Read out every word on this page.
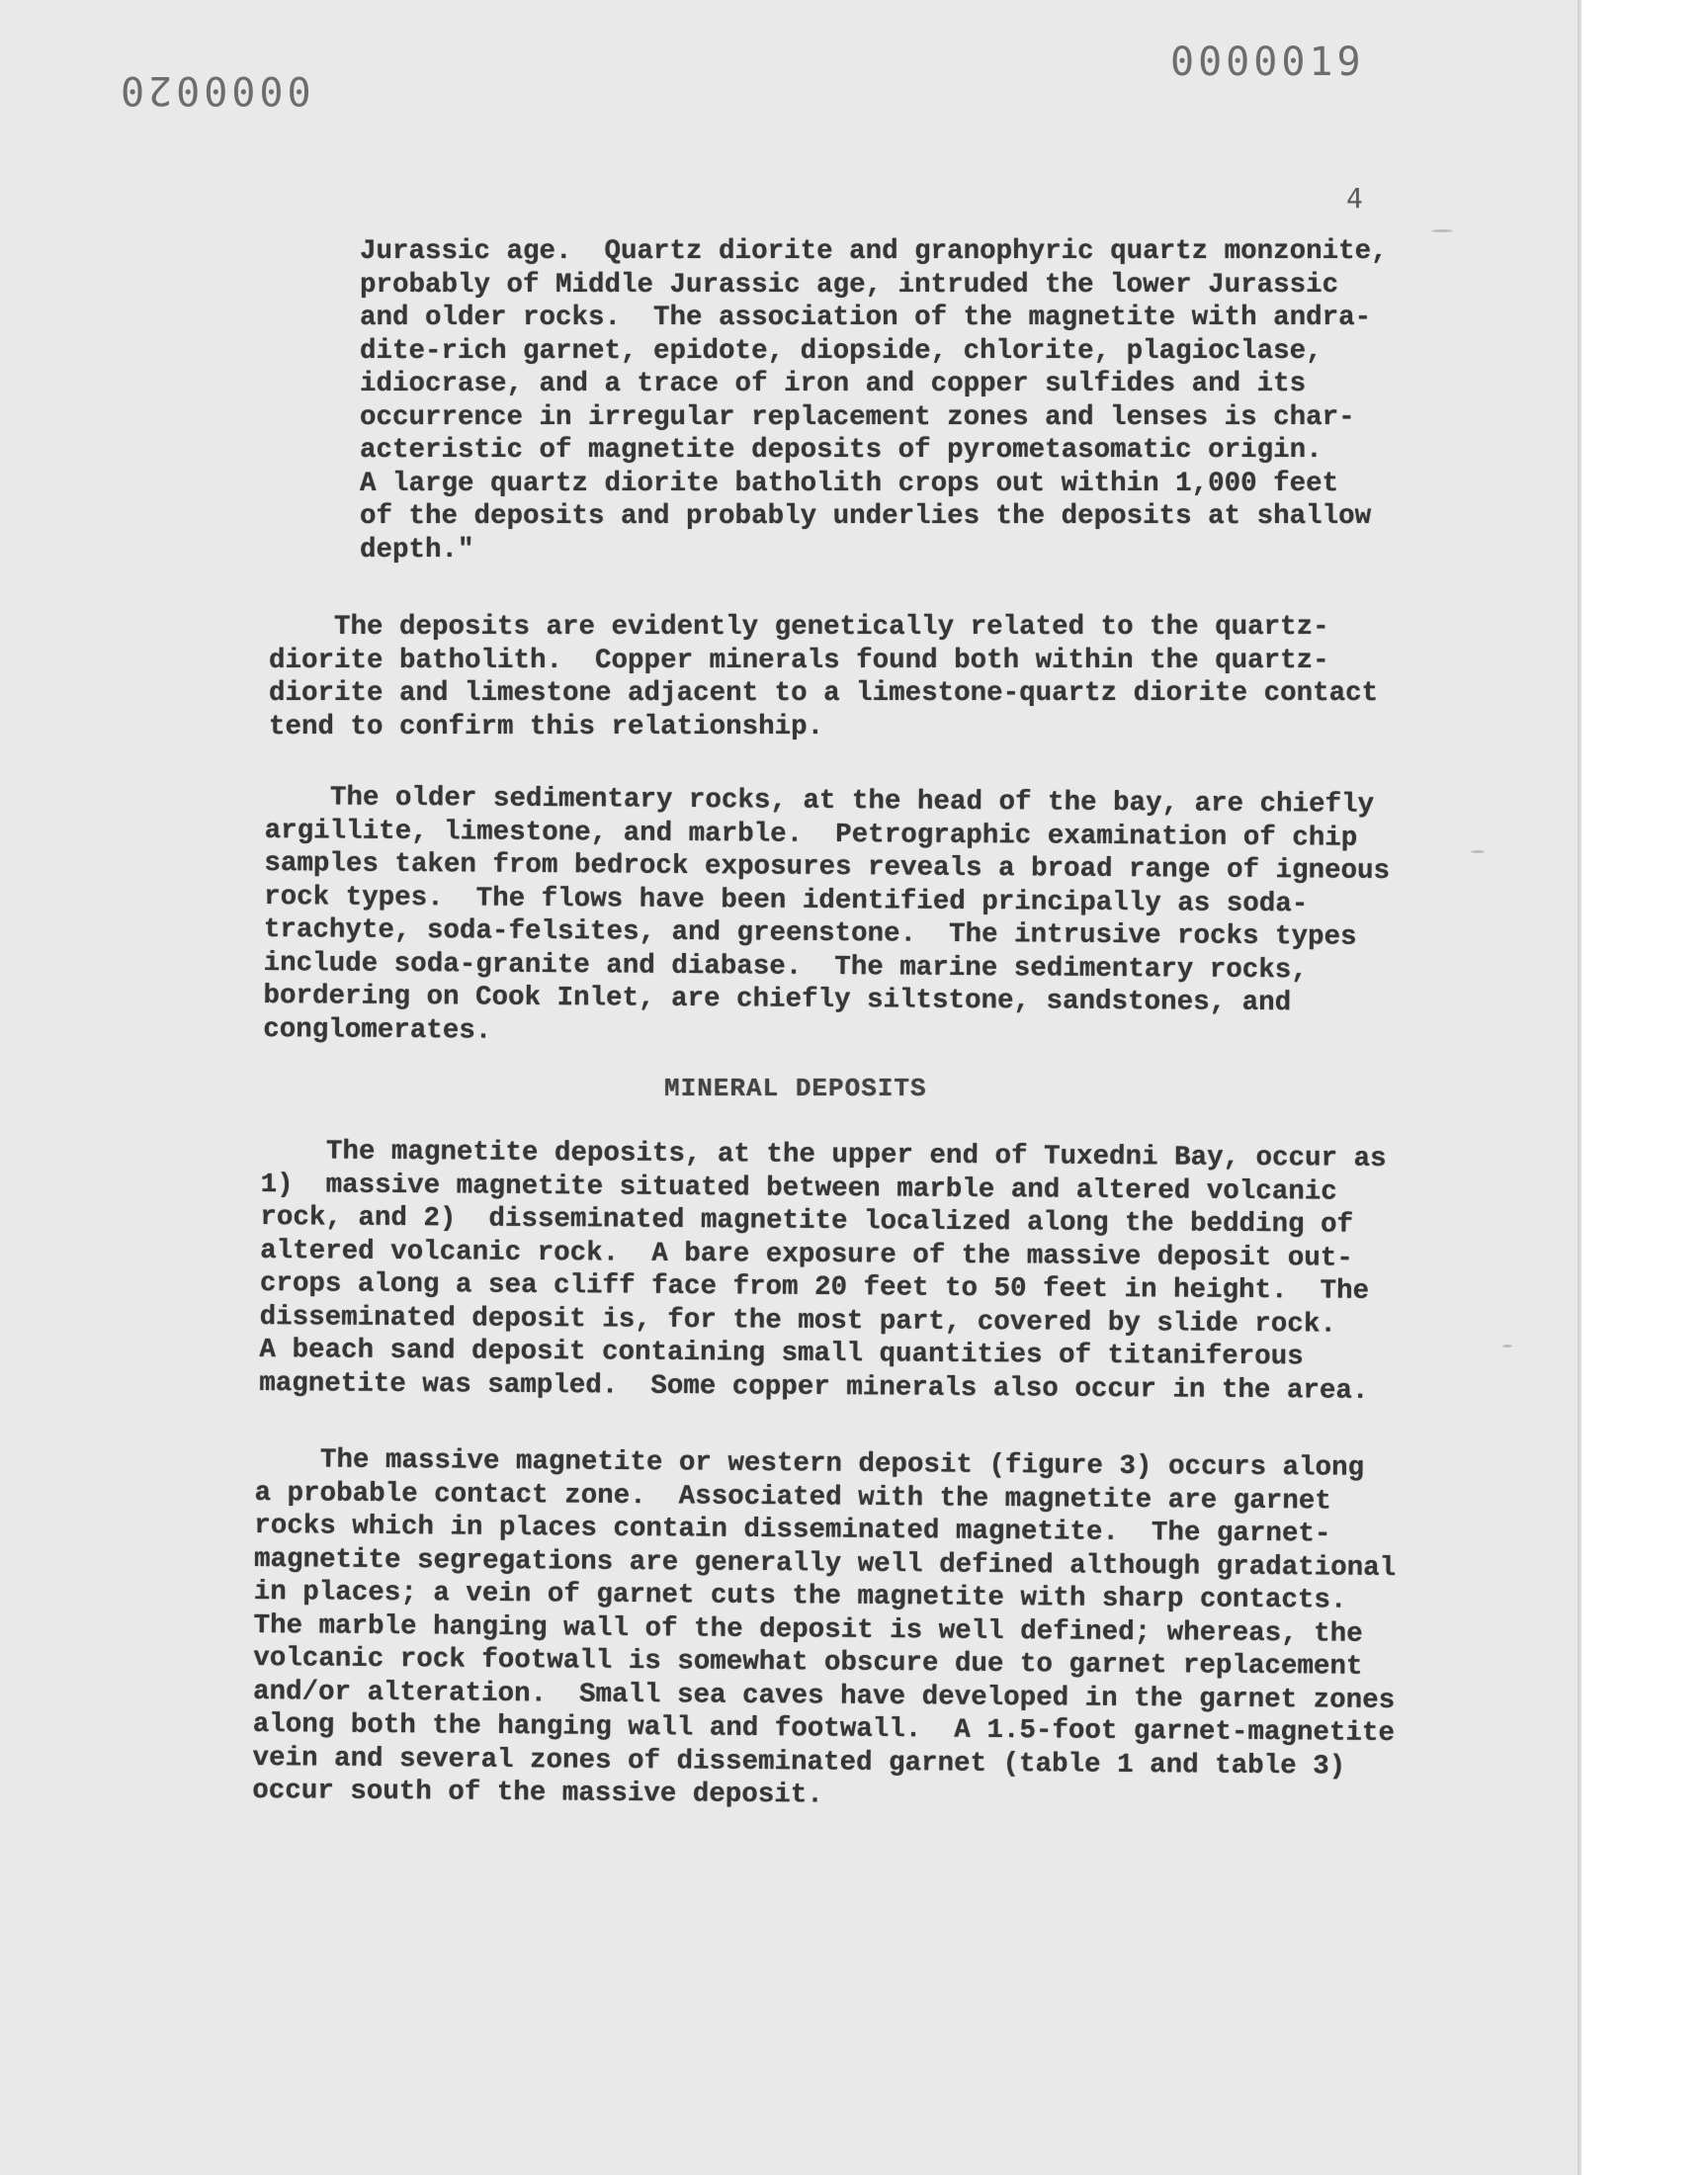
0000020
0000019
4
Jurassic age.  Quartz diorite and granophyric quartz monzonite,
probably of Middle Jurassic age, intruded the lower Jurassic
and older rocks.  The association of the magnetite with andra-
dite-rich garnet, epidote, diopside, chlorite, plagioclase,
idiocrase, and a trace of iron and copper sulfides and its
occurrence in irregular replacement zones and lenses is char-
acteristic of magnetite deposits of pyrometasomatic origin.
A large quartz diorite batholith crops out within 1,000 feet
of the deposits and probably underlies the deposits at shallow
depth."
The deposits are evidently genetically related to the quartz-
diorite batholith.  Copper minerals found both within the quartz-
diorite and limestone adjacent to a limestone-quartz diorite contact
tend to confirm this relationship.
The older sedimentary rocks, at the head of the bay, are chiefly
argillite, limestone, and marble.  Petrographic examination of chip
samples taken from bedrock exposures reveals a broad range of igneous
rock types.  The flows have been identified principally as soda-
trachyte, soda-felsites, and greenstone.  The intrusive rocks types
include soda-granite and diabase.  The marine sedimentary rocks,
bordering on Cook Inlet, are chiefly siltstone, sandstones, and
conglomerates.
MINERAL DEPOSITS
The magnetite deposits, at the upper end of Tuxedni Bay, occur as
1)  massive magnetite situated between marble and altered volcanic
rock, and 2)  disseminated magnetite localized along the bedding of
altered volcanic rock.  A bare exposure of the massive deposit out-
crops along a sea cliff face from 20 feet to 50 feet in height.  The
disseminated deposit is, for the most part, covered by slide rock.
A beach sand deposit containing small quantities of titaniferous
magnetite was sampled.  Some copper minerals also occur in the area.
The massive magnetite or western deposit (figure 3) occurs along
a probable contact zone.  Associated with the magnetite are garnet
rocks which in places contain disseminated magnetite.  The garnet-
magnetite segregations are generally well defined although gradational
in places; a vein of garnet cuts the magnetite with sharp contacts.
The marble hanging wall of the deposit is well defined; whereas, the
volcanic rock footwall is somewhat obscure due to garnet replacement
and/or alteration.  Small sea caves have developed in the garnet zones
along both the hanging wall and footwall.  A 1.5-foot garnet-magnetite
vein and several zones of disseminated garnet (table 1 and table 3)
occur south of the massive deposit.
